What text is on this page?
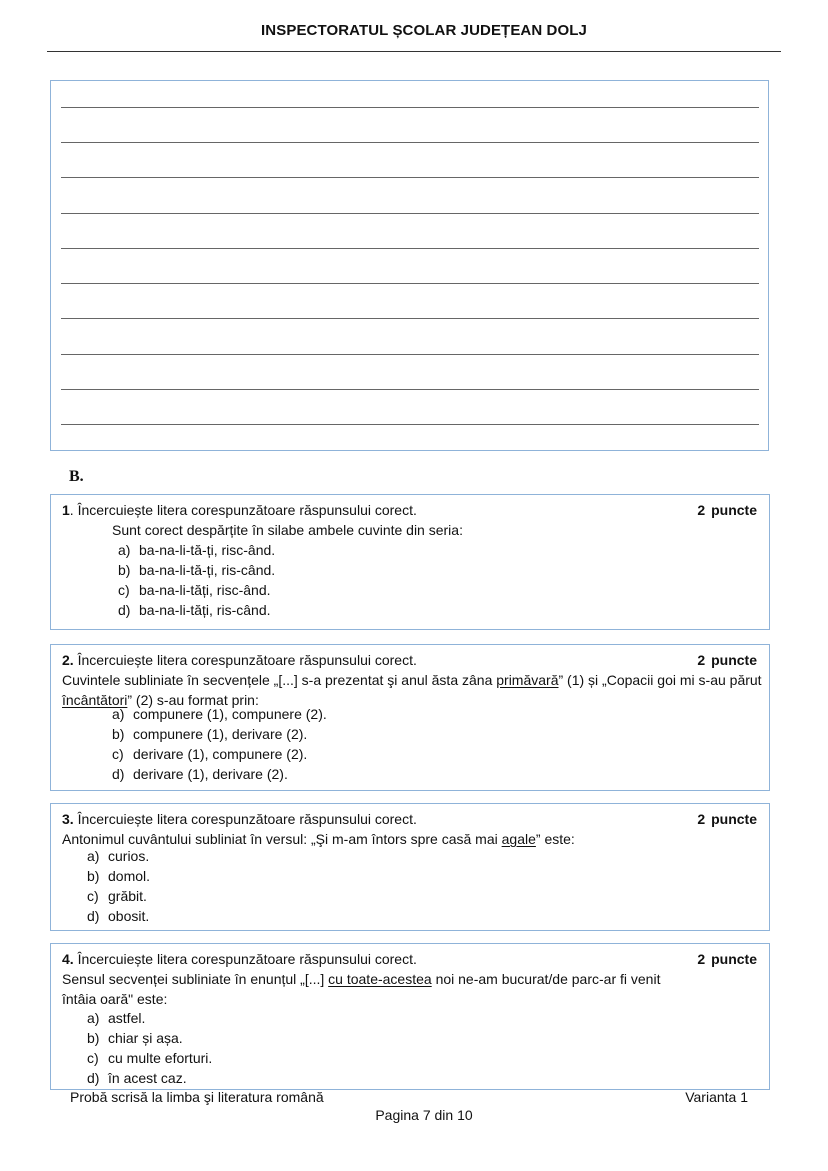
INSPECTORATUL ȘCOLAR JUDEȚEAN DOLJ
B.
1. Încercuiește litera corespunzătoare răspunsului corect.	2 puncte
Sunt corect despărțite în silabe ambele cuvinte din seria:
a) ba-na-li-tă-ți, risc-ând.
b) ba-na-li-tă-ți, ris-când.
c) ba-na-li-tăți, risc-ând.
d) ba-na-li-tăți, ris-când.
2. Încercuiește litera corespunzătoare răspunsului corect.	2 puncte
Cuvintele subliniate în secvențele „[...] s-a prezentat şi anul ăsta zâna primăvară” (1) și „Copacii goi mi s-au părut încântători” (2) s-au format prin:
a) compunere (1), compunere (2).
b) compunere (1), derivare (2).
c) derivare (1), compunere (2).
d) derivare (1), derivare (2).
3. Încercuiește litera corespunzătoare răspunsului corect.	2 puncte
Antonimul cuvântului subliniat în versul: „Şi m-am întors spre casă mai agale” este:
a) curios.
b) domol.
c) grăbit.
d) obosit.
4. Încercuiește litera corespunzătoare răspunsului corect.	2 puncte
Sensul secvenței subliniate în enunțul „[...] cu toate-acestea noi ne-am bucurat/de parc-ar fi venit
întâia oară" este:
a) astfel.
b) chiar și așa.
c) cu multe eforturi.
d) în acest caz.
Probă scrisă la limba şi literatura română	Varianta 1
Pagina 7 din 10
